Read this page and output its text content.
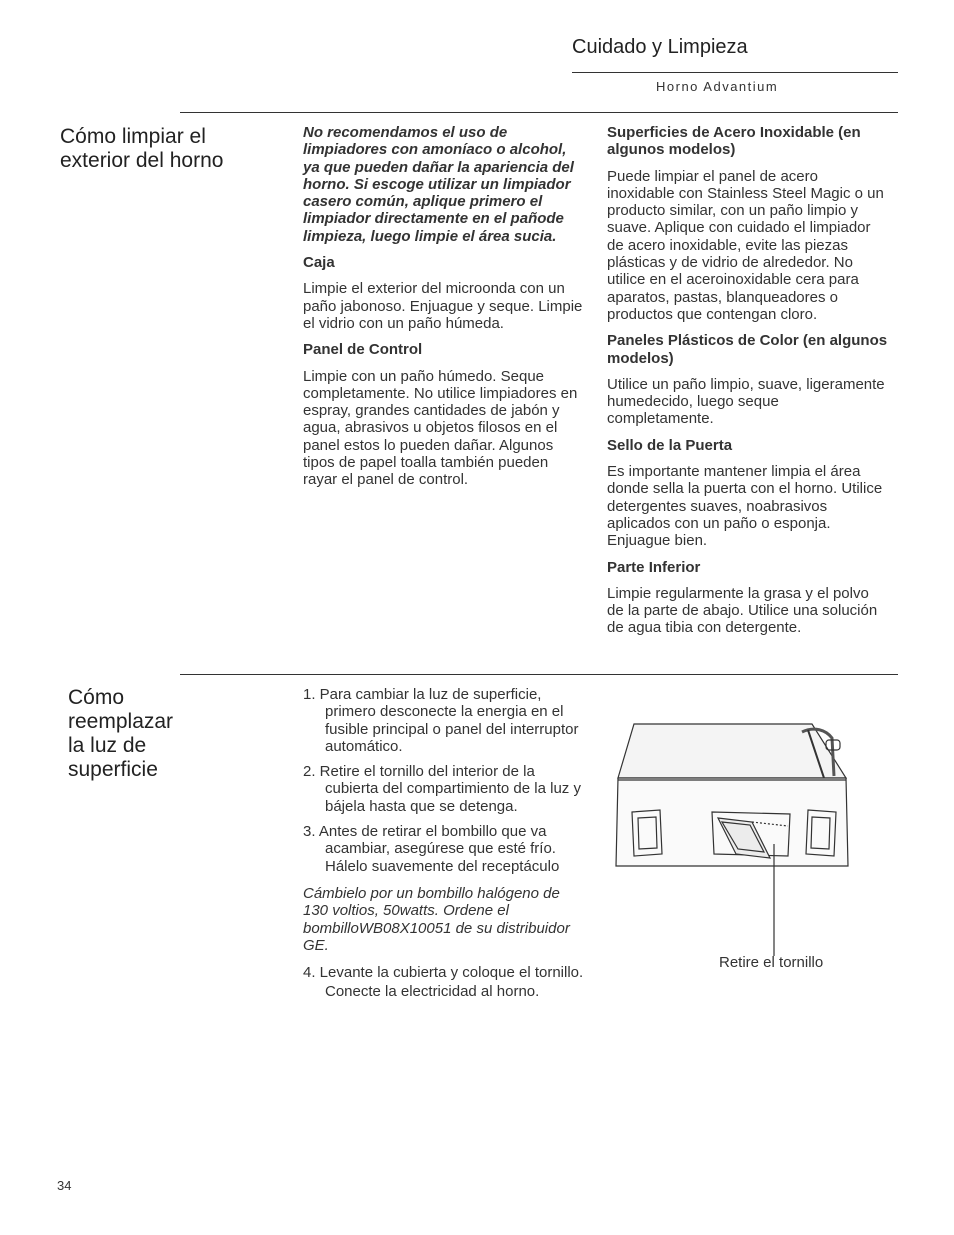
Cuidado y Limpieza
Horno Advantium
Cómo limpiar el exterior del horno

No recomendamos el uso de limpiadores con amoníaco o alcohol, ya que pueden dañar la apariencia del horno. Si escoge utilizar un limpiador casero común, aplique primero el limpiador directamente en el pañode limpieza, luego limpie el área sucia.

Caja

Limpie el exterior del microonda con un paño jabonoso. Enjuague y seque. Limpie el vidrio con un paño húmeda.

Panel de Control

Limpie con un paño húmedo. Seque completamente. No utilice limpiadores en espray, grandes cantidades de jabón y agua, abrasivos u objetos filosos en el panel estos lo pueden dañar. Algunos tipos de papel toalla también pueden rayar el panel de control.

Superficies de Acero Inoxidable (en algunos modelos)

Puede limpiar el panel de acero inoxidable con Stainless Steel Magic o un producto similar, con un paño limpio y suave. Aplique con cuidado el limpiador de acero inoxidable, evite las piezas plásticas y de vidrio de alrededor. No utilice en el aceroinoxidable cera para aparatos, pastas, blanqueadores o productos que contengan cloro.

Paneles Plásticos de Color (en algunos modelos)

Utilice un paño limpio, suave, ligeramente humedecido, luego seque completamente.

Sello de la Puerta

Es importante mantener limpia el área donde sella la puerta con el horno. Utilice detergentes suaves, noabrasivos aplicados con un paño o esponja. Enjuague bien.

Parte Inferior

Limpie regularmente la grasa y el polvo de la parte de abajo. Utilice una solución de agua tibia con detergente.

Cómo reemplazar la luz de superficie
1. Para cambiar la luz de superficie, primero desconecte la energia en el fusible principal o panel del interruptor automático.
2. Retire el tornillo del interior de la cubierta del compartimiento de la luz y bájela hasta que se detenga.
3. Antes de retirar el bombillo que va acambiar, asegúrese que esté frío. Hálelo suavemente del receptáculo

Cámbielo por un bombillo halógeno de 130 voltios, 50watts. Ordene el bombilloWB08X10051 de su distribuidor GE.

4. Levante la cubierta y coloque el tornillo. Conecte la electricidad al horno.
Retire el tornillo
34
